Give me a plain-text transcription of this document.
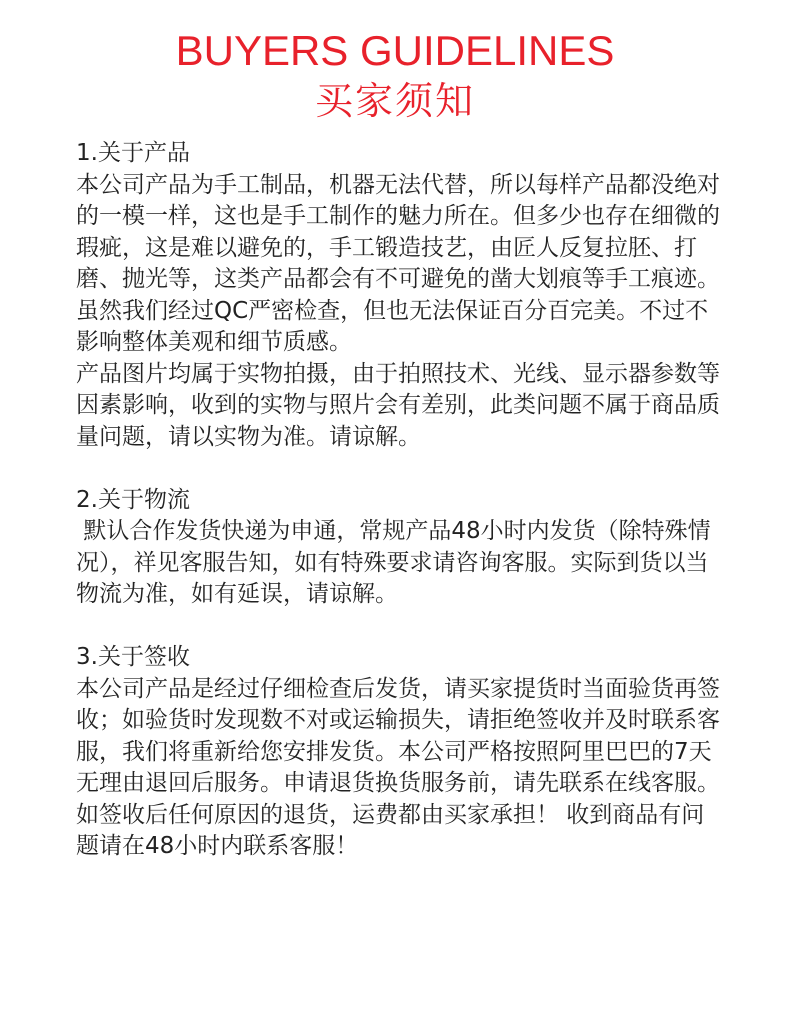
BUYERS GUIDELINES
买家须知
1.关于产品
本公司产品为手工制品，机器无法代替，所以每样产品都没绝对的一模一样，这也是手工制作的魅力所在。但多少也存在细微的瑕疵，这是难以避免的，手工锻造技艺，由匠人反复拉胚、打磨、抛光等，这类产品都会有不可避免的凿大划痕等手工痕迹。虽然我们经过QC严密检查，但也无法保证百分百完美。不过不影响整体美观和细节质感。
产品图片均属于实物拍摄，由于拍照技术、光线、显示器参数等因素影响，收到的实物与照片会有差别，此类问题不属于商品质量问题，请以实物为准。请谅解。
2.关于物流
默认合作发货快递为申通，常规产品48小时内发货（除特殊情况），祥见客服告知，如有特殊要求请咨询客服。实际到货以当物流为准，如有延误，请谅解。
3.关于签收
本公司产品是经过仔细检查后发货，请买家提货时当面验货再签收；如验货时发现数不对或运输损失，请拒绝签收并及时联系客服，我们将重新给您安排发货。本公司严格按照阿里巴巴的7天无理由退回后服务。申请退货换货服务前，请先联系在线客服。如签收后任何原因的退货，运费都由买家承担！ 收到商品有问题请在48小时内联系客服！
